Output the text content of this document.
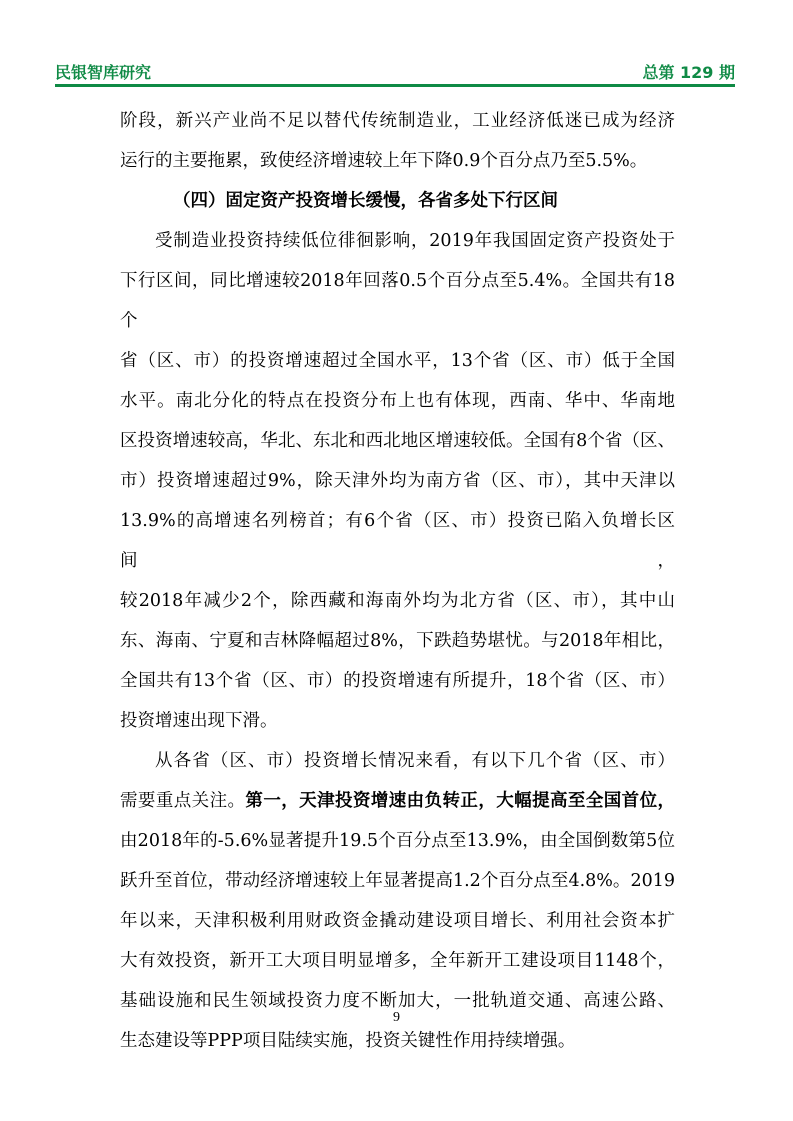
民银智库研究	总第 129 期

阶段，新兴产业尚不足以替代传统制造业，工业经济低迷已成为经济

运行的主要拖累，致使经济增速较上年下降0.9个百分点乃至5.5%。

（四）固定资产投资增长缓慢，各省多处下行区间

受制造业投资持续低位徘徊影响，2019年我国固定资产投资处于

下行区间，同比增速较2018年回落0.5个百分点至5.4%。全国共有18个

省（区、市）的投资增速超过全国水平，13个省（区、市）低于全国

水平。南北分化的特点在投资分布上也有体现，西南、华中、华南地

区投资增速较高，华北、东北和西北地区增速较低。全国有8个省（区、

市）投资增速超过9%，除天津外均为南方省（区、市），其中天津以

13.9%的高增速名列榜首；有6个省（区、市）投资已陷入负增长区间，

较2018年减少2个，除西藏和海南外均为北方省（区、市），其中山

东、海南、宁夏和吉林降幅超过8%，下跌趋势堪忧。与2018年相比，

全国共有13个省（区、市）的投资增速有所提升，18个省（区、市）

投资增速出现下滑。

从各省（区、市）投资增长情况来看，有以下几个省（区、市）

需要重点关注。第一，天津投资增速由负转正，大幅提高至全国首位，

由2018年的-5.6%显著提升19.5个百分点至13.9%，由全国倒数第5位

跃升至首位，带动经济增速较上年显著提高1.2个百分点至4.8%。2019

年以来，天津积极利用财政资金撬动建设项目增长、利用社会资本扩

大有效投资，新开工大项目明显增多，全年新开工建设项目1148个，

基础设施和民生领域投资力度不断加大，一批轨道交通、高速公路、

生态建设等PPP项目陆续实施，投资关键性作用持续增强。

9
